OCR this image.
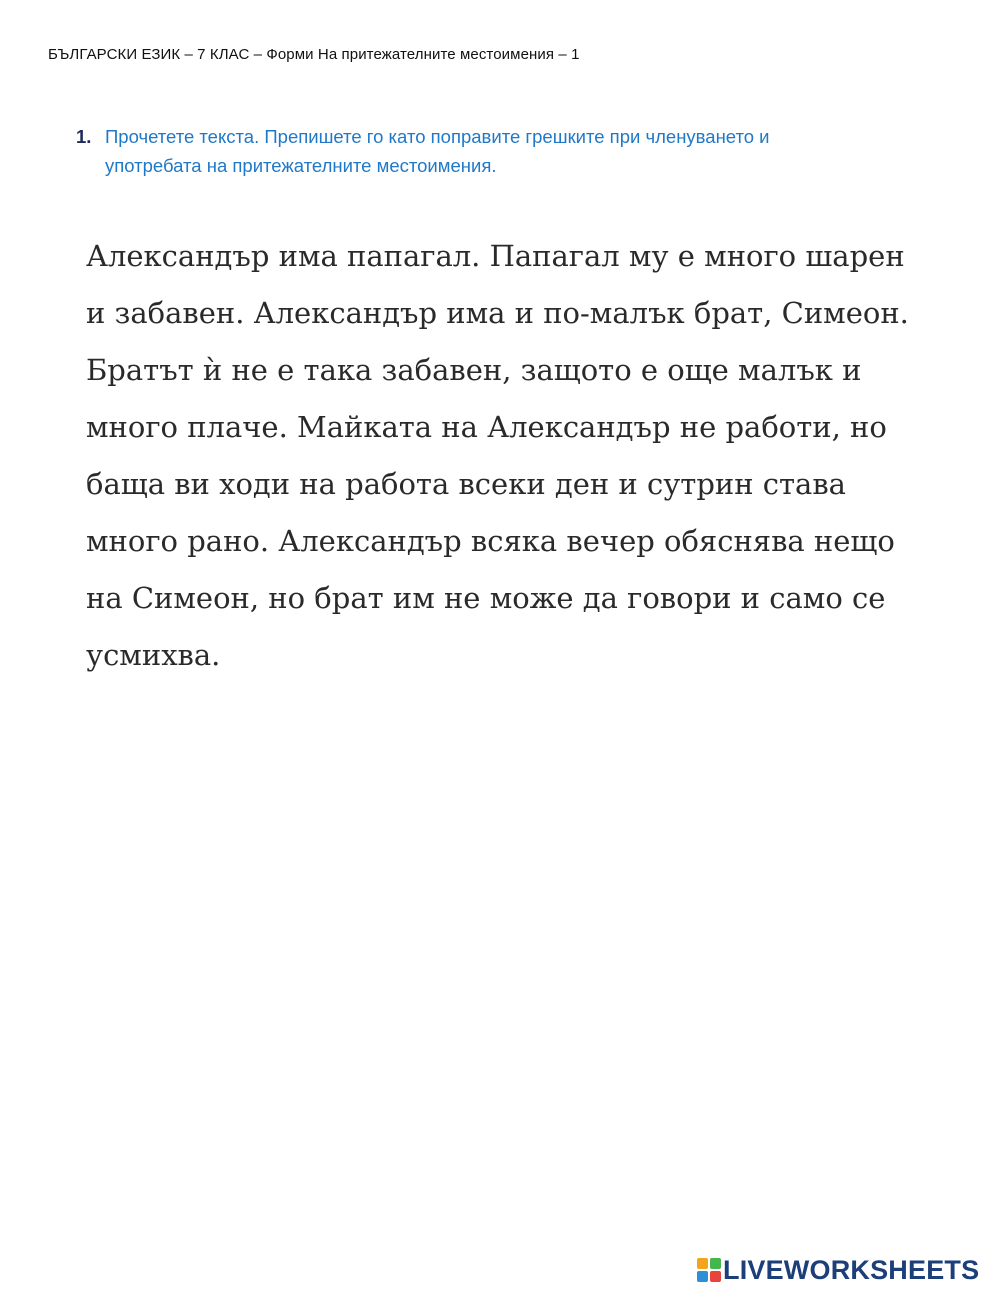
БЪЛГАРСКИ ЕЗИК – 7 КЛАС – Форми На притежателните местоимения – 1
1. Прочетете текста. Препишете го като поправите грешките при членуването и
употребата на притежателните местоимения.
Александър има папагал. Папагал му е много шарен
и забавен. Александър има и по-малък брат, Симеон.
Братът ѝ не е така забавен, защото е още малък и
много плаче. Майката на Александър не работи, но
баща ви ходи на работа всеки ден и сутрин става
много рано. Александър всяка вечер обяснява нещо
на Симеон, но брат им не може да говори и само се
усмихва.
LIVEWORKSHEETS
